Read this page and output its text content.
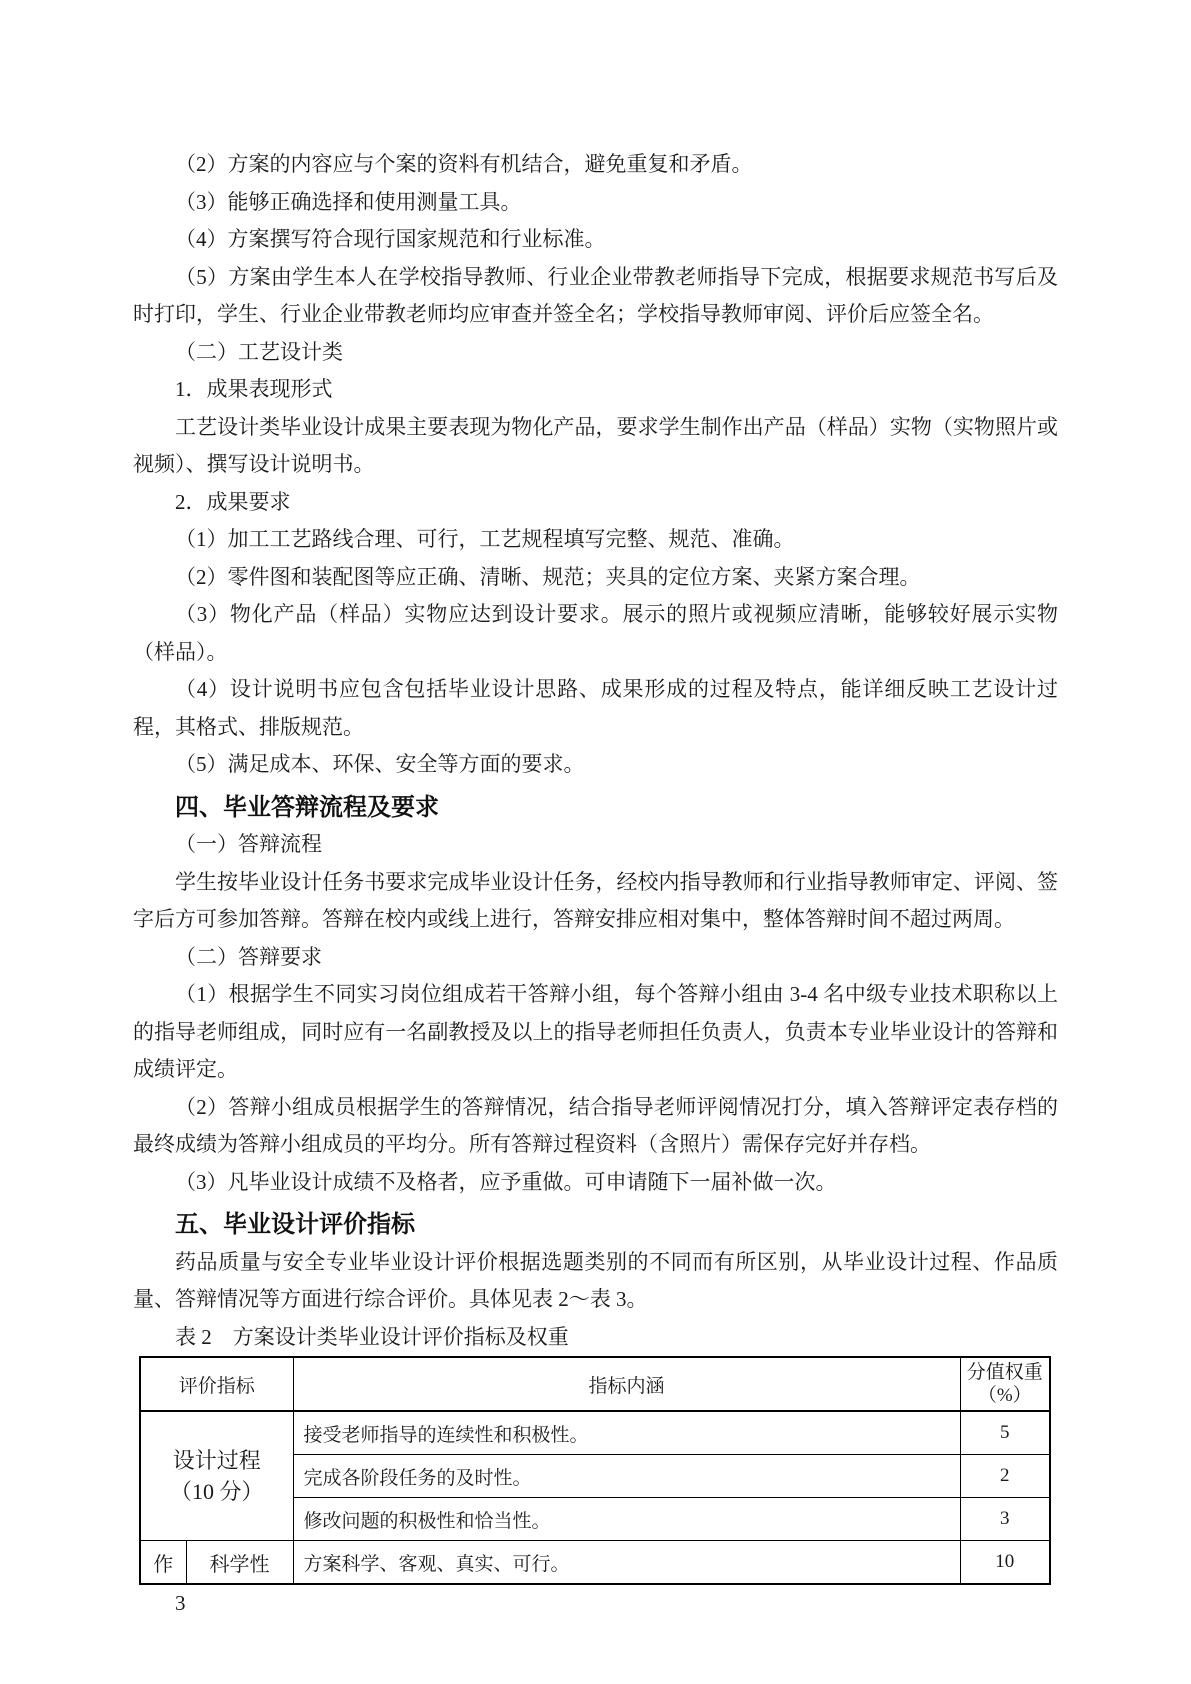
（2）方案的内容应与个案的资料有机结合，避免重复和矛盾。

（3）能够正确选择和使用测量工具。

（4）方案撰写符合现行国家规范和行业标准。

（5）方案由学生本人在学校指导教师、行业企业带教老师指导下完成，根据要求规范书写后及时打印，学生、行业企业带教老师均应审查并签全名；学校指导教师审阅、评价后应签全名。

（二）工艺设计类

1．成果表现形式

工艺设计类毕业设计成果主要表现为物化产品，要求学生制作出产品（样品）实物（实物照片或视频）、撰写设计说明书。

2．成果要求

（1）加工工艺路线合理、可行，工艺规程填写完整、规范、准确。

（2）零件图和装配图等应正确、清晰、规范；夹具的定位方案、夹紧方案合理。

（3）物化产品（样品）实物应达到设计要求。展示的照片或视频应清晰，能够较好展示实物（样品）。

（4）设计说明书应包含包括毕业设计思路、成果形成的过程及特点，能详细反映工艺设计过程，其格式、排版规范。

（5）满足成本、环保、安全等方面的要求。

四、毕业答辩流程及要求

（一）答辩流程

学生按毕业设计任务书要求完成毕业设计任务，经校内指导教师和行业指导教师审定、评阅、签字后方可参加答辩。答辩在校内或线上进行，答辩安排应相对集中，整体答辩时间不超过两周。

（二）答辩要求

（1）根据学生不同实习岗位组成若干答辩小组，每个答辩小组由 3-4 名中级专业技术职称以上的指导老师组成，同时应有一名副教授及以上的指导老师担任负责人，负责本专业毕业设计的答辩和成绩评定。

（2）答辩小组成员根据学生的答辩情况，结合指导老师评阅情况打分，填入答辩评定表存档的最终成绩为答辩小组成员的平均分。所有答辩过程资料（含照片）需保存完好并存档。

（3）凡毕业设计成绩不及格者，应予重做。可申请随下一届补做一次。

五、毕业设计评价指标

药品质量与安全专业毕业设计评价根据选题类别的不同而有所区别，从毕业设计过程、作品质量、答辩情况等方面进行综合评价。具体见表 2～表 3。

表 2　方案设计类毕业设计评价指标及权重

评价指标		指标内涵	分值权重
（%）

设计过程
（10 分）		接受老师指导的连续性和积极性。	5
		完成各阶段任务的及时性。	2
		修改问题的积极性和恰当性。	3
作	科学性	方案科学、客观、真实、可行。	10

3
